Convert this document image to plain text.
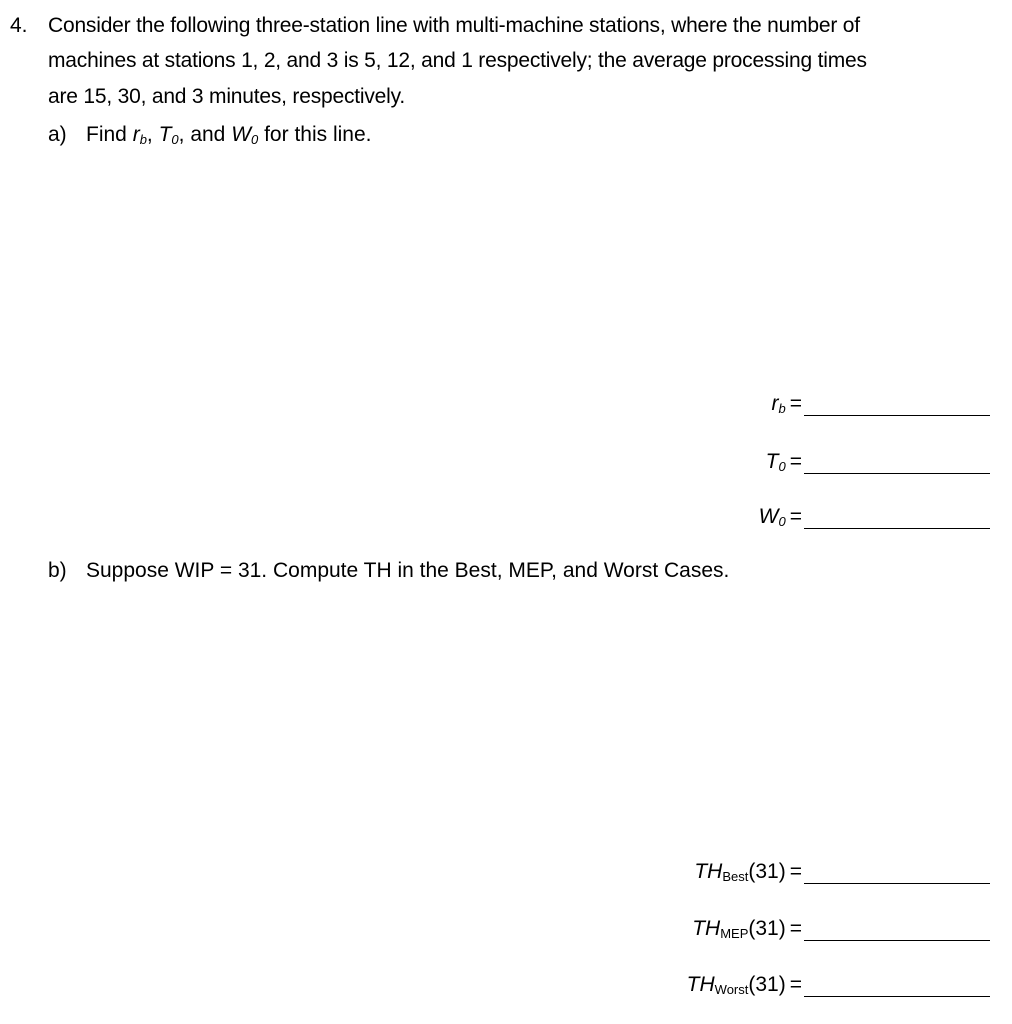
4. Consider the following three-station line with multi-machine stations, where the number of
machines at stations 1, 2, and 3 is 5, 12, and 1 respectively; the average processing times
are 15, 30, and 3 minutes, respectively.
a) Find $r_b$, $T_0$, and $W_0$ for this line.
r b =
T 0 =
W 0 =
b) Suppose WIP = 31. Compute TH in the Best, MEP, and Worst Cases.
TH Best (31) =
TH MEP (31) =
TH Worst (31) =
